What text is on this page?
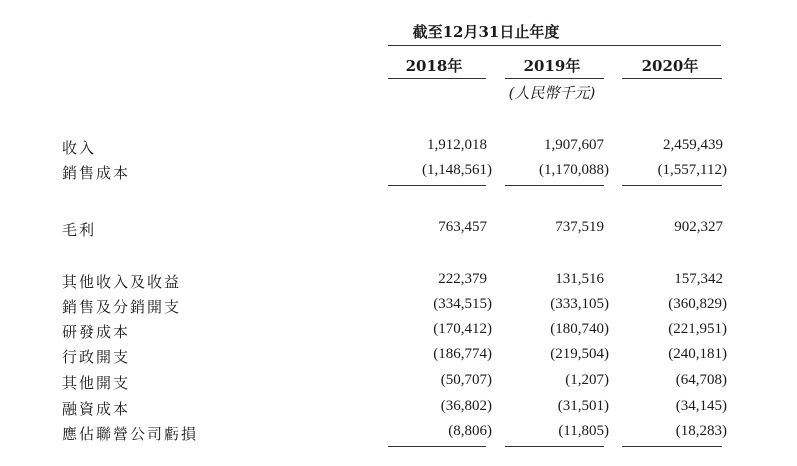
截至12月31日止年度
2018年	2019年	2020年
(人民幣千元)
收入	1,912,018	1,907,607	2,459,439
銷售成本	(1,148,561)	(1,170,088)	(1,557,112)
毛利	763,457	737,519	902,327
其他收入及收益	222,379	131,516	157,342
銷售及分銷開支	(334,515)	(333,105)	(360,829)
研發成本	(170,412)	(180,740)	(221,951)
行政開支	(186,774)	(219,504)	(240,181)
其他開支	(50,707)	(1,207)	(64,708)
融資成本	(36,802)	(31,501)	(34,145)
應佔聯營公司虧損	(8,806)	(11,805)	(18,283)
